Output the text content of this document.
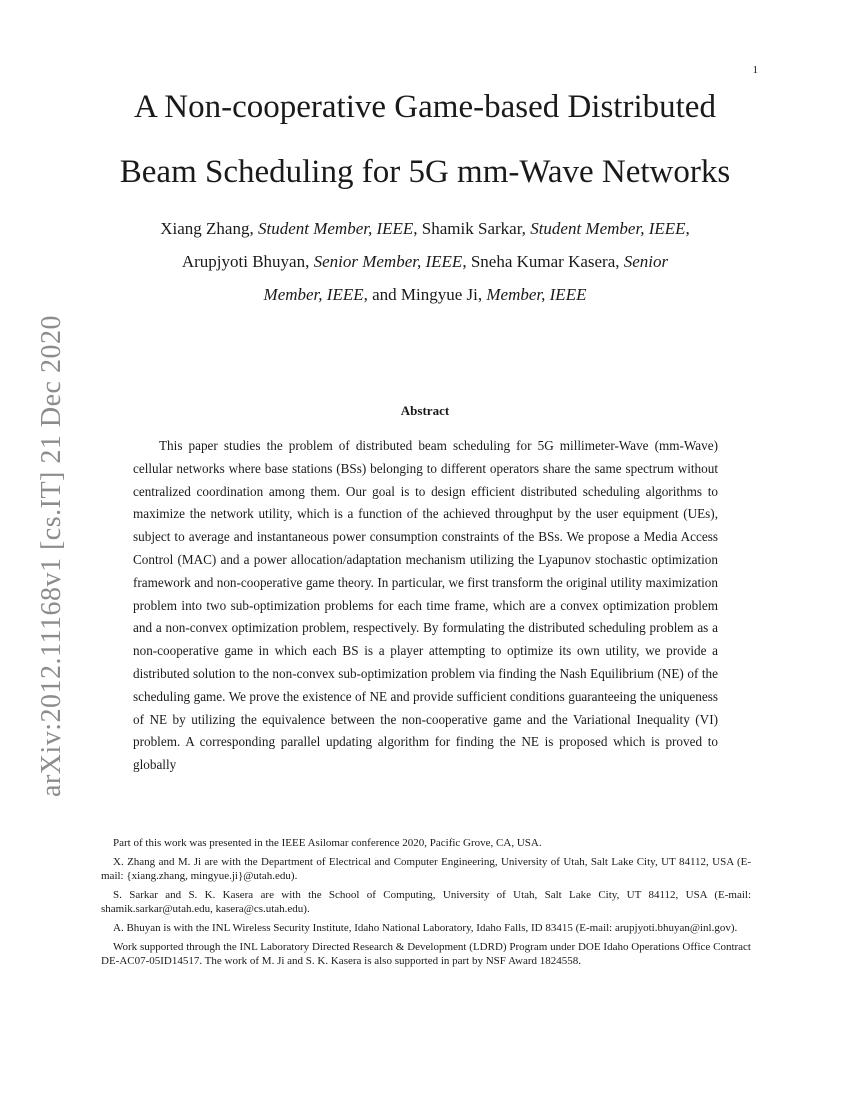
1
arXiv:2012.11168v1 [cs.IT] 21 Dec 2020
A Non-cooperative Game-based Distributed
Beam Scheduling for 5G mm-Wave Networks
Xiang Zhang, Student Member, IEEE, Shamik Sarkar, Student Member, IEEE,
Arupjyoti Bhuyan, Senior Member, IEEE, Sneha Kumar Kasera, Senior
Member, IEEE, and Mingyue Ji, Member, IEEE
Abstract

This paper studies the problem of distributed beam scheduling for 5G millimeter-Wave (mm-Wave) cellular networks where base stations (BSs) belonging to different operators share the same spectrum without centralized coordination among them. Our goal is to design efficient distributed scheduling algorithms to maximize the network utility, which is a function of the achieved throughput by the user equipment (UEs), subject to average and instantaneous power consumption constraints of the BSs. We propose a Media Access Control (MAC) and a power allocation/adaptation mechanism utilizing the Lyapunov stochastic optimization framework and non-cooperative game theory. In particular, we first transform the original utility maximization problem into two sub-optimization problems for each time frame, which are a convex optimization problem and a non-convex optimization problem, respectively. By formulating the distributed scheduling problem as a non-cooperative game in which each BS is a player attempting to optimize its own utility, we provide a distributed solution to the non-convex sub-optimization problem via finding the Nash Equilibrium (NE) of the scheduling game. We prove the existence of NE and provide sufficient conditions guaranteeing the uniqueness of NE by utilizing the equivalence between the non-cooperative game and the Variational Inequality (VI) problem. A corresponding parallel updating algorithm for finding the NE is proposed which is proved to globally

Part of this work was presented in the IEEE Asilomar conference 2020, Pacific Grove, CA, USA.

X. Zhang and M. Ji are with the Department of Electrical and Computer Engineering, University of Utah, Salt Lake City, UT 84112, USA (E-mail: {xiang.zhang, mingyue.ji}@utah.edu).

S. Sarkar and S. K. Kasera are with the School of Computing, University of Utah, Salt Lake City, UT 84112, USA (E-mail: shamik.sarkar@utah.edu, kasera@cs.utah.edu).

A. Bhuyan is with the INL Wireless Security Institute, Idaho National Laboratory, Idaho Falls, ID 83415 (E-mail: arupjyoti.bhuyan@inl.gov).

Work supported through the INL Laboratory Directed Research & Development (LDRD) Program under DOE Idaho Operations Office Contract DE-AC07-05ID14517. The work of M. Ji and S. K. Kasera is also supported in part by NSF Award 1824558.
